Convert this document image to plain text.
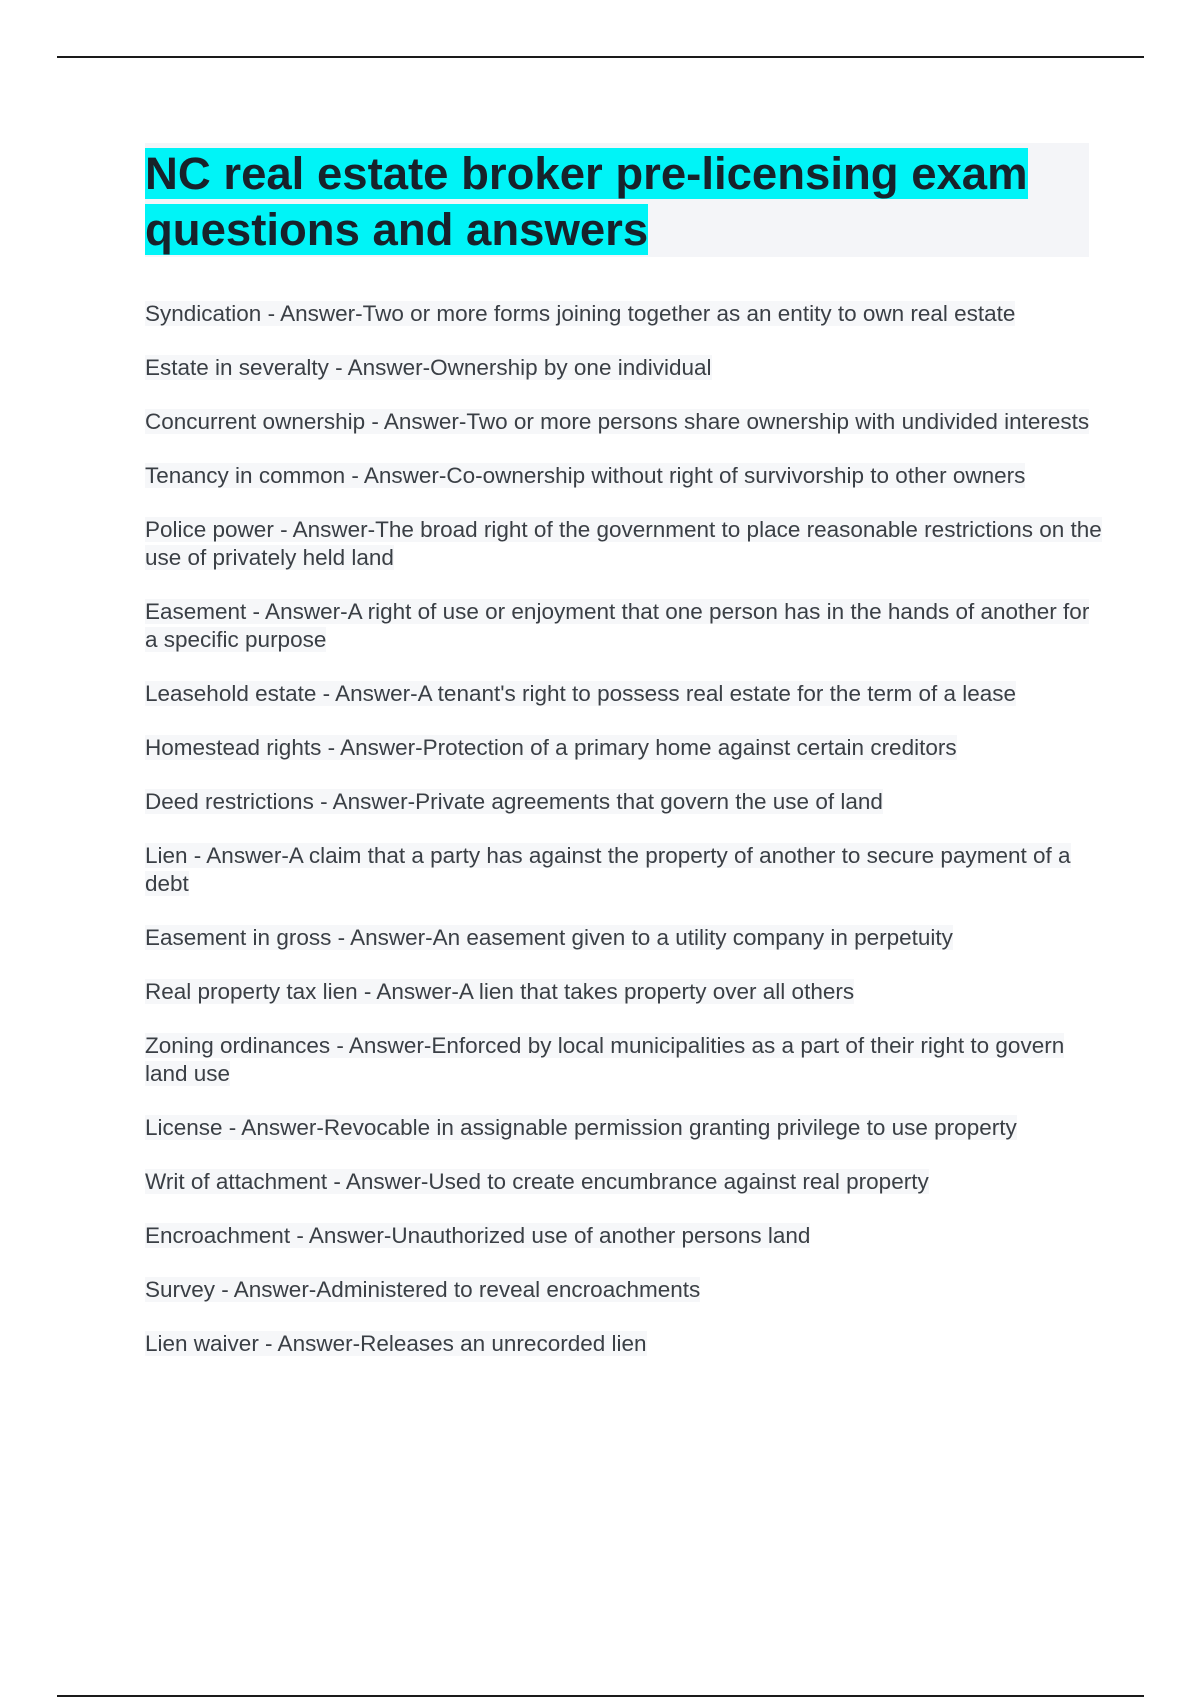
NC real estate broker pre-licensing exam questions and answers
Syndication - Answer-Two or more forms joining together as an entity to own real estate
Estate in severalty - Answer-Ownership by one individual
Concurrent ownership - Answer-Two or more persons share ownership with undivided interests
Tenancy in common - Answer-Co-ownership without right of survivorship to other owners
Police power - Answer-The broad right of the government to place reasonable restrictions on the use of privately held land
Easement - Answer-A right of use or enjoyment that one person has in the hands of another for a specific purpose
Leasehold estate - Answer-A tenant's right to possess real estate for the term of a lease
Homestead rights - Answer-Protection of a primary home against certain creditors
Deed restrictions - Answer-Private agreements that govern the use of land
Lien - Answer-A claim that a party has against the property of another to secure payment of a debt
Easement in gross - Answer-An easement given to a utility company in perpetuity
Real property tax lien - Answer-A lien that takes property over all others
Zoning ordinances - Answer-Enforced by local municipalities as a part of their right to govern land use
License - Answer-Revocable in assignable permission granting privilege to use property
Writ of attachment - Answer-Used to create encumbrance against real property
Encroachment - Answer-Unauthorized use of another persons land
Survey - Answer-Administered to reveal encroachments
Lien waiver - Answer-Releases an unrecorded lien
